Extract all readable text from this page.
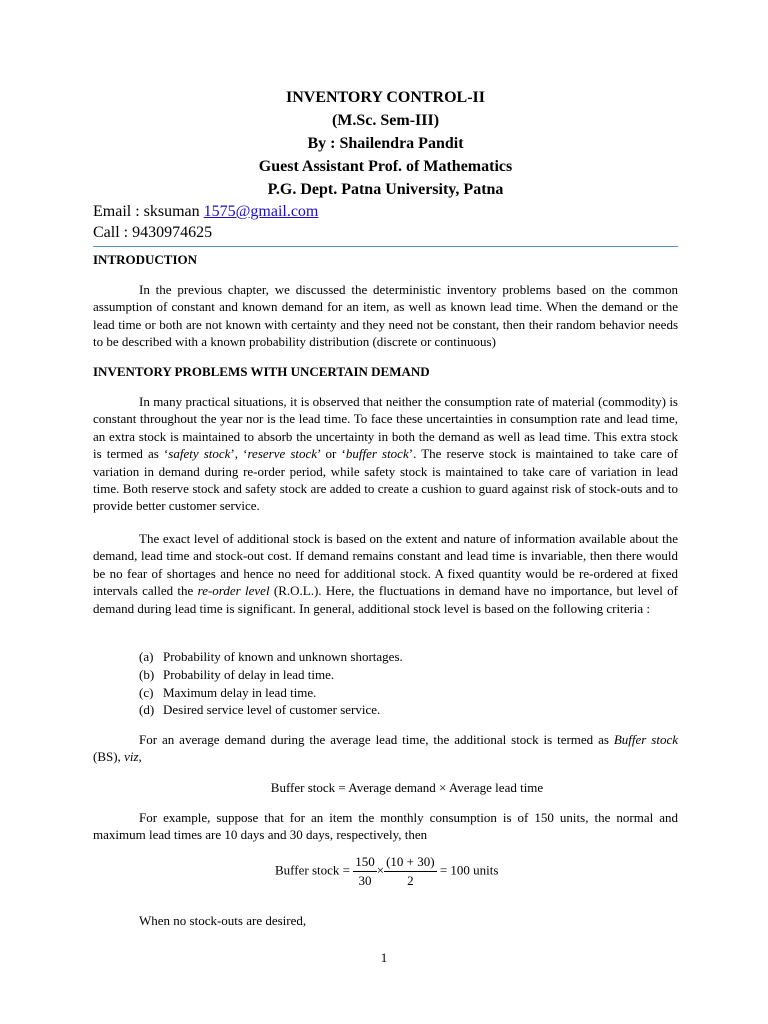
INVENTORY CONTROL-II
(M.Sc. Sem-III)
By : Shailendra Pandit
Guest Assistant Prof. of Mathematics
P.G. Dept. Patna University, Patna
Email : sksuman 1575@gmail.com
Call : 9430974625
INTRODUCTION

In the previous chapter, we discussed the deterministic inventory problems based on the common assumption of constant and known demand for an item, as well as known lead time. When the demand or the lead time or both are not known with certainty and they need not be constant, then their random behavior needs to be described with a known probability distribution (discrete or continuous)

INVENTORY PROBLEMS WITH UNCERTAIN DEMAND

In many practical situations, it is observed that neither the consumption rate of material (commodity) is constant throughout the year nor is the lead time. To face these uncertainties in consumption rate and lead time, an extra stock is maintained to absorb the uncertainty in both the demand as well as lead time. This extra stock is termed as ‘safety stock’, ‘reserve stock’ or ‘buffer stock’. The reserve stock is maintained to take care of variation in demand during re-order period, while safety stock is maintained to take care of variation in lead time. Both reserve stock and safety stock are added to create a cushion to guard against risk of stock-outs and to provide better customer service.

The exact level of additional stock is based on the extent and nature of information available about the demand, lead time and stock-out cost. If demand remains constant and lead time is invariable, then there would be no fear of shortages and hence no need for additional stock. A fixed quantity would be re-ordered at fixed intervals called the re-order level (R.O.L.). Here, the fluctuations in demand have no importance, but level of demand during lead time is significant. In general, additional stock level is based on the following criteria :

(a) Probability of known and unknown shortages.
(b) Probability of delay in lead time.
(c) Maximum delay in lead time.
(d) Desired service level of customer service.

For an average demand during the average lead time, the additional stock is termed as Buffer stock (BS), viz,

Buffer stock = Average demand × Average lead time

For example, suppose that for an item the monthly consumption is of 150 units, the normal and maximum lead times are 10 days and 30 days, respectively, then

Buffer stock = $\frac{150}{30} \times \frac{(10 + 30)}{2} = 100$ units

When no stock-outs are desired,

1
